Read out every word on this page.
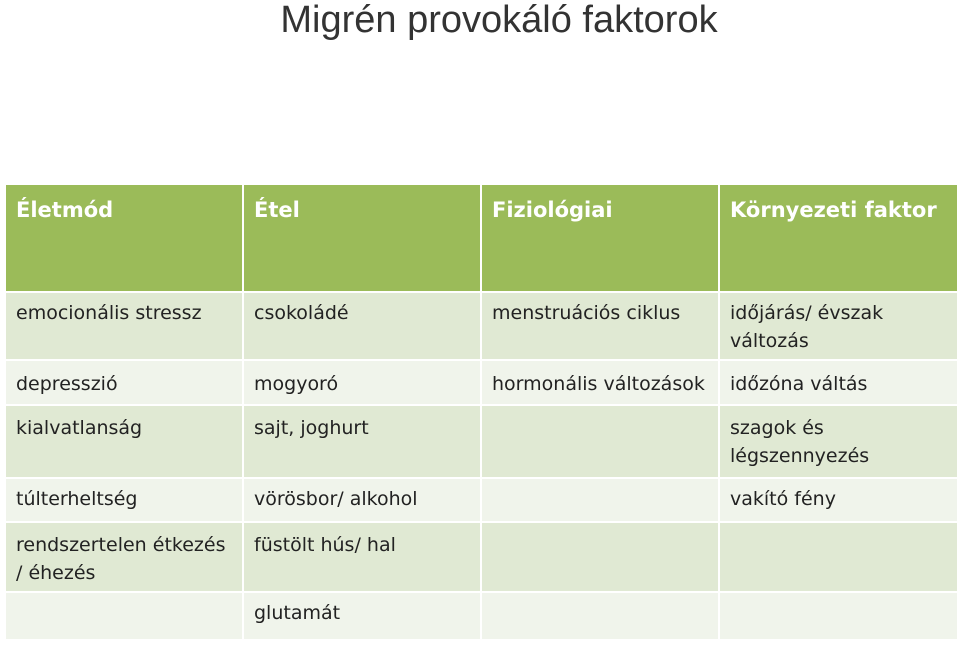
Migrén provokáló faktorok
Életmód	Étel	Fiziológiai	Környezeti faktor

emocionális stressz	csokoládé	menstruációs ciklus	időjárás/ évszak változás
depresszió	mogyoró	hormonális változások	időzóna váltás
kialvatlanság	sajt, joghurt		szagok és légszennyezés
túlterheltség	vörösbor/ alkohol		vakító fény
rendszertelen étkezés / éhezés	füstölt hús/ hal		
	glutamát		
